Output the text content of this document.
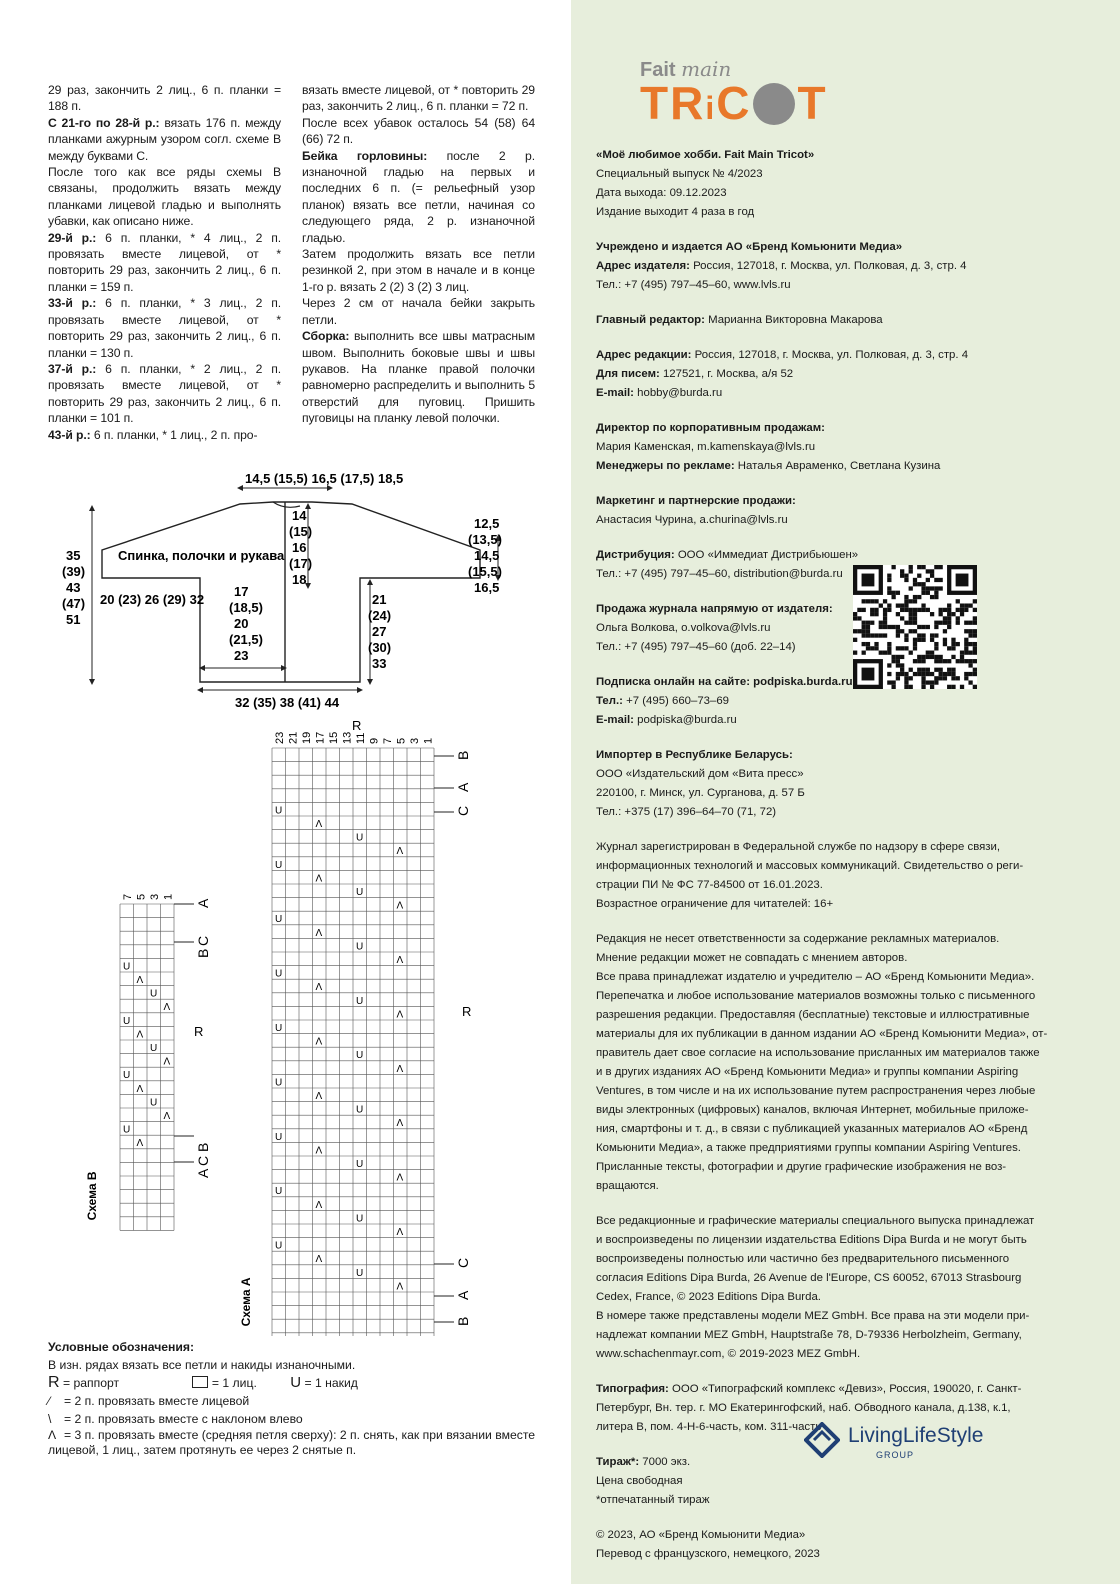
29 раз, закончить 2 лиц., 6 п. планки = 188 п.

С 21-го по 28-й р.: вязать 176 п. между планками ажурным узором согл. схеме В между буквами С.

После того как все ряды схемы В связаны, продолжить вязать между планками лицевой гладью и выполнять убавки, как описано ниже.

29-й р.: 6 п. планки, * 4 лиц., 2 п. провязать вместе лицевой, от * повторить 29 раз, закончить 2 лиц., 6 п. планки = 159 п.

33-й р.: 6 п. планки, * 3 лиц., 2 п. провязать вместе лицевой, от * повторить 29 раз, закончить 2 лиц., 6 п. планки = 130 п.

37-й р.: 6 п. планки, * 2 лиц., 2 п. провязать вместе лицевой, от * повторить 29 раз, закончить 2 лиц., 6 п. планки = 101 п.

43-й р.: 6 п. планки, * 1 лиц., 2 п. про-

вязать вместе лицевой, от * повторить 29 раз, закончить 2 лиц., 6 п. планки = 72 п.

После всех убавок осталось 54 (58) 64 (66) 72 п.

Бейка горловины: после 2 р. изнаночной гладью на первых и последних 6 п. (= рельефный узор планок) вязать все петли, начиная со следующего ряда, 2 р. изнаночной гладью.

Затем продолжить вязать все петли резинкой 2, при этом в начале и в конце 1-го р. вязать 2 (2) 3 (2) 3 лиц.

Через 2 см от начала бейки закрыть петли.

Сборка: выполнить все швы матрасным швом. Выполнить боковые швы и швы рукавов. На планке правой полочки равномерно распределить и выполнить 5 отверстий для пуговиц. Пришить пуговицы на планку левой полочки.

14,5 (15,5) 16,5 (17,5) 18,5
Спинка, полочки и рукава
14
(15)
16
(17)
18
12,5
(13,5)
14,5
(15,5)
16,5
35
(39)
43
(47)
51
20 (23) 26 (29) 32
17
(18,5)
20
(21,5)
23
21
(24)
27
(30)
33
32 (35) 38 (41) 44
23 21 19 17 15 13 11 9 7 5 3 1
U
Λ
U
Λ
U
Λ
U
Λ
U
Λ
U
Λ
U
Λ
U
Λ
U
Λ
U
Λ
U
Λ
U
Λ
U
Λ
U
Λ
U
Λ
U
Λ
U
Λ
U
Λ
Схема А
B
A
C
C
A
B
R
R
7 5 3 1
U
Λ
U
Λ
U
Λ
U
Λ
U
Λ
U
Λ
U
Λ
Схема В
A
B
C
B
C
A
R
Условные обозначения:
В изн. рядах вязать все петли и накиды изнаночными.
R = раппорт	= 1 лиц. U = 1 накид
⁄ = 2 п. провязать вместе лицевой
\ = 2 п. провязать вместе с наклоном влево
Λ = 3 п. провязать вместе (средняя петля сверху): 2 п. снять, как при вязании вместе лицевой, 1 лиц., затем протянуть ее через 2 снятые п.
Fait main
TRiC T
«Моё любимое хобби. Fait Main Tricot»
Специальный выпуск № 4/2023
Дата выхода: 09.12.2023
Издание выходит 4 раза в год
Учреждено и издается АО «Бренд Комьюнити Медиа»
Адрес издателя: Россия, 127018, г. Москва, ул. Полковая, д. 3, стр. 4
Тел.: +7 (495) 797–45–60, www.lvls.ru
Главный редактор: Марианна Викторовна Макарова
Адрес редакции: Россия, 127018, г. Москва, ул. Полковая, д. 3, стр. 4
Для писем: 127521, г. Москва, а/я 52
E-mail: hobby@burda.ru
Директор по корпоративным продажам:
Мария Каменская, m.kamenskaya@lvls.ru
Менеджеры по рекламе: Наталья Авраменко, Светлана Кузина
Маркетинг и партнерские продажи:
Анастасия Чурина, a.churina@lvls.ru
Дистрибуция: ООО «Иммедиат Дистрибьюшен»
Тел.: +7 (495) 797–45–60, distribution@burda.ru
Продажа журнала напрямую от издателя:
Ольга Волкова, o.volkova@lvls.ru
Тел.: +7 (495) 797–45–60 (доб. 22–14)
Подписка онлайн на сайте: podpiska.burda.ru
Тел.: +7 (495) 660–73–69
E-mail: podpiska@burda.ru
Импортер в Республике Беларусь:
ООО «Издательский дом «Вита пресс»
220100, г. Минск, ул. Сурганова, д. 57 Б
Тел.: +375 (17) 396–64–70 (71, 72)
Журнал зарегистрирован в Федеральной службе по надзору в сфере связи,
информационных технологий и массовых коммуникаций. Свидетельство о реги-
страции ПИ № ФС 77-84500 от 16.01.2023.
Возрастное ограничение для читателей: 16+
Редакция не несет ответственности за содержание рекламных материалов.
Мнение редакции может не совпадать с мнением авторов.
Все права принадлежат издателю и учредителю – АО «Бренд Комьюнити Медиа».
Перепечатка и любое использование материалов возможны только с письменного
разрешения редакции. Предоставляя (бесплатные) текстовые и иллюстративные
материалы для их публикации в данном издании АО «Бренд Комьюнити Медиа», от-
правитель дает свое согласие на использование присланных им материалов также
и в других изданиях АО «Бренд Комьюнити Медиа» и группы компании Aspiring
Ventures, в том числе и на их использование путем распространения через любые
виды электронных (цифровых) каналов, включая Интернет, мобильные приложе-
ния, смартфоны и т. д., в связи с публикацией указанных материалов АО «Бренд
Комьюнити Медиа», а также предприятиями группы компании Aspiring Ventures.
Присланные тексты, фотографии и другие графические изображения не воз-
вращаются.
Все редакционные и графические материалы специального выпуска принадлежат
и воспроизведены по лицензии издательства Editions Dipa Burda и не могут быть
воспроизведены полностью или частично без предварительного письменного
согласия Editions Dipa Burda, 26 Avenue de l'Europe, CS 60052, 67013 Strasbourg
Cedex, France, © 2023 Editions Dipa Burda.
В номере также представлены модели MEZ GmbH. Все права на эти модели при-
надлежат компании MEZ GmbH, Hauptstraße 78, D-79336 Herbolzheim, Germany,
www.schachenmayr.com, © 2019-2023 MEZ GmbH.
Типография: ООО «Типографский комплекс «Девиз», Россия, 190020, г. Санкт-
Петербург, Вн. тер. г. МО Екатерингофский, наб. Обводного канала, д.138, к.1,
литера В, пом. 4-Н-6-часть, ком. 311-часть
Тираж*: 7000 экз.
Цена свободная
*отпечатанный тираж
© 2023, АО «Бренд Комьюнити Медиа»
Перевод с французского, немецкого, 2023
LivingLifeStyle
GROUP
